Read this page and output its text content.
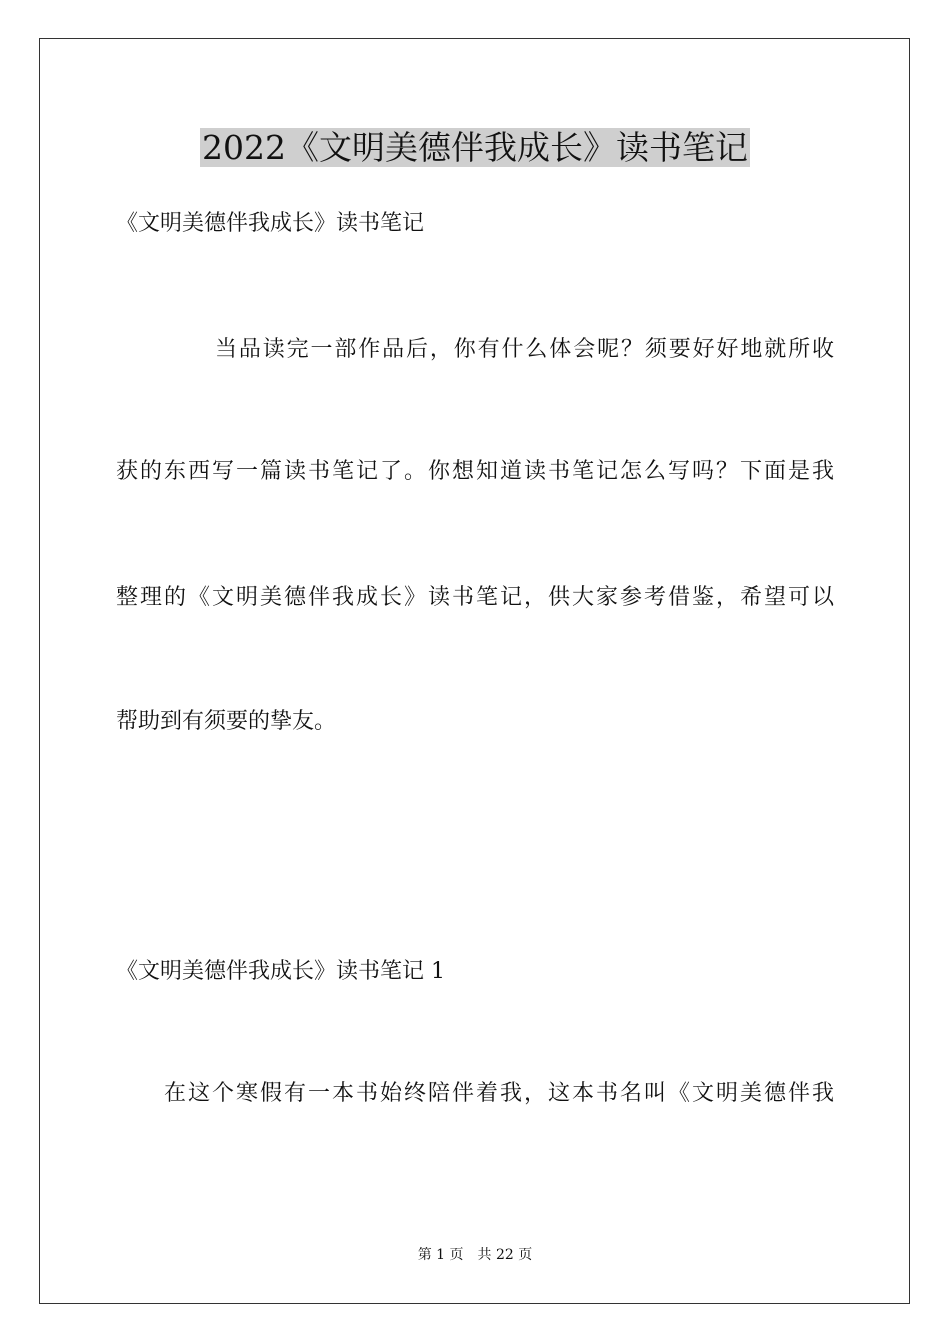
2022《文明美德伴我成长》读书笔记

《文明美德伴我成长》读书笔记

当品读完一部作品后，你有什么体会呢？须要好好地就所收

获的东西写一篇读书笔记了。你想知道读书笔记怎么写吗？下面是我

整理的《文明美德伴我成长》读书笔记，供大家参考借鉴，希望可以

帮助到有须要的挚友。

《文明美德伴我成长》读书笔记 1

在这个寒假有一本书始终陪伴着我，这本书名叫《文明美德伴我

第 1 页 共 22 页
